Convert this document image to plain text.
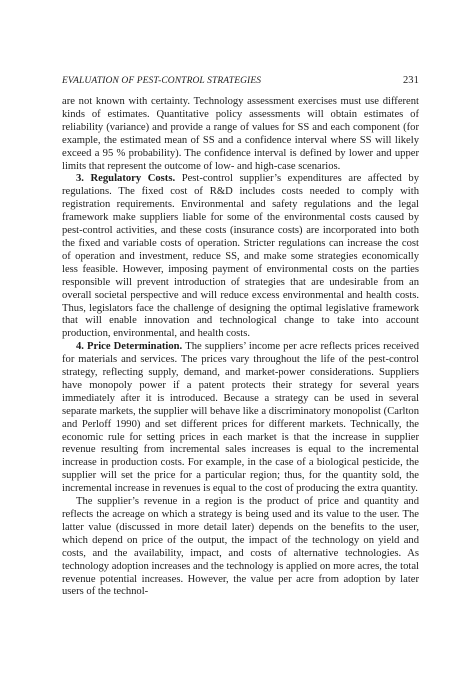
EVALUATION OF PEST-CONTROL STRATEGIES	231

are not known with certainty. Technology assessment exercises must use different kinds of estimates. Quantitative policy assessments will obtain estimates of reliability (variance) and provide a range of values for SS and each component (for example, the estimated mean of SS and a confidence interval where SS will likely exceed a 95 % probability). The confidence interval is defined by lower and upper limits that represent the outcome of low- and high-case scenarios.

3. Regulatory Costs. Pest-control supplier’s expenditures are affected by regulations. The fixed cost of R&D includes costs needed to comply with registration requirements. Environmental and safety regulations and the legal framework make suppliers liable for some of the environmental costs caused by pest-control activities, and these costs (insurance costs) are incorporated into both the fixed and variable costs of operation. Stricter regulations can increase the cost of operation and investment, reduce SS, and make some strategies economically less feasible. However, imposing payment of environmental costs on the parties responsible will prevent introduction of strategies that are undesirable from an overall societal perspective and will reduce excess environmental and health costs. Thus, legislators face the challenge of designing the optimal legislative framework that will enable innovation and technological change to take into account production, environmental, and health costs.

4. Price Determination. The suppliers’ income per acre reflects prices received for materials and services. The prices vary throughout the life of the pest-control strategy, reflecting supply, demand, and market-power considerations. Suppliers have monopoly power if a patent protects their strategy for several years immediately after it is introduced. Because a strategy can be used in several separate markets, the supplier will behave like a discriminatory monopolist (Carlton and Perloff 1990) and set different prices for different markets. Technically, the economic rule for setting prices in each market is that the increase in supplier revenue resulting from incremental sales increases is equal to the incremental increase in production costs. For example, in the case of a biological pesticide, the supplier will set the price for a particular region; thus, for the quantity sold, the incremental increase in revenues is equal to the cost of producing the extra quantity.

The supplier’s revenue in a region is the product of price and quantity and reflects the acreage on which a strategy is being used and its value to the user. The latter value (discussed in more detail later) depends on the benefits to the user, which depend on price of the output, the impact of the technology on yield and costs, and the availability, impact, and costs of alternative technologies. As technology adoption increases and the technology is applied on more acres, the total revenue potential increases. However, the value per acre from adoption by later users of the technol-
